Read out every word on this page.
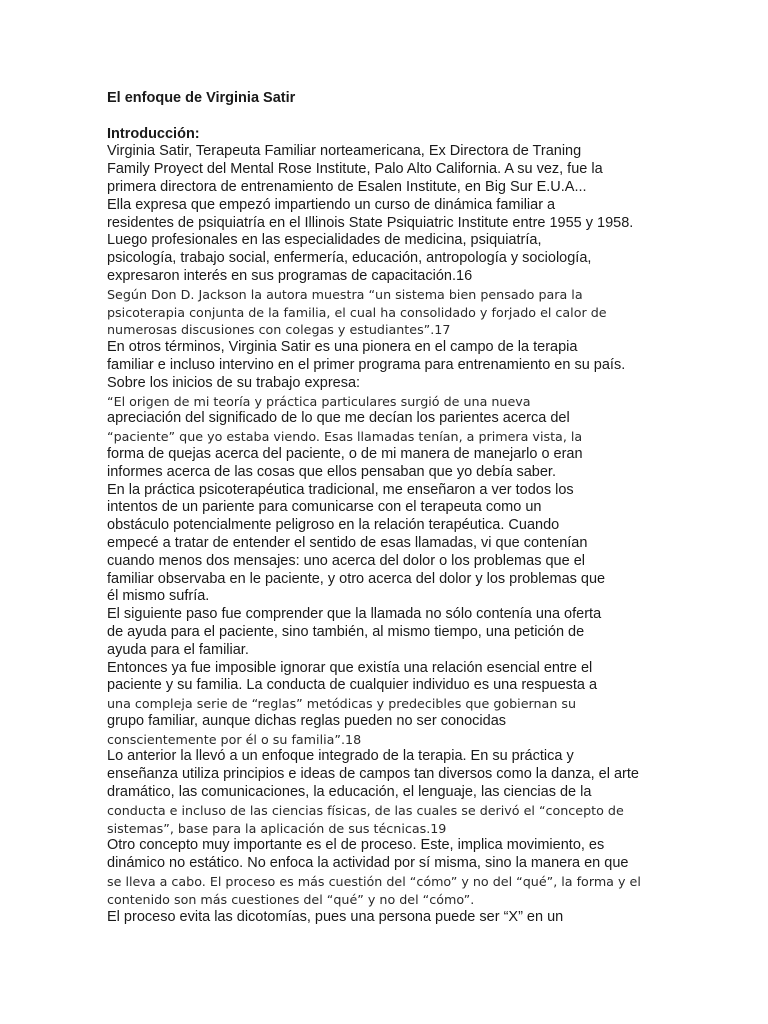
El enfoque de Virginia Satir
Introducción:
Virginia Satir, Terapeuta Familiar norteamericana, Ex Directora de Traning
Family Proyect del Mental Rose Institute, Palo Alto California. A su vez, fue la
primera directora de entrenamiento de Esalen Institute, en Big Sur E.U.A...
Ella expresa que empezó impartiendo un curso de dinámica familiar a
residentes de psiquiatría en el Illinois State Psiquiatric Institute entre 1955 y 1958.
Luego profesionales en las especialidades de medicina, psiquiatría,
psicología, trabajo social, enfermería, educación, antropología y sociología,
expresaron interés en sus programas de capacitación.16
Según Don D. Jackson la autora muestra “un sistema bien pensado para la
psicoterapia conjunta de la familia, el cual ha consolidado y forjado el calor de
numerosas discusiones con colegas y estudiantes”.17
En otros términos, Virginia Satir es una pionera en el campo de la terapia
familiar e incluso intervino en el primer programa para entrenamiento en su país.
Sobre los inicios de su trabajo expresa:
“El origen de mi teoría y práctica particulares surgió de una nueva
apreciación del significado de lo que me decían los parientes acerca del
“paciente” que yo estaba viendo. Esas llamadas tenían, a primera vista, la
forma de quejas acerca del paciente, o de mi manera de manejarlo o eran
informes acerca de las cosas que ellos pensaban que yo debía saber.
En la práctica psicoterapéutica tradicional, me enseñaron a ver todos los
intentos de un pariente para comunicarse con el terapeuta como un
obstáculo potencialmente peligroso en la relación terapéutica. Cuando
empecé a tratar de entender el sentido de esas llamadas, vi que contenían
cuando menos dos mensajes: uno acerca del dolor o los problemas que el
familiar observaba en le paciente, y otro acerca del dolor y los problemas que
él mismo sufría.
El siguiente paso fue comprender que la llamada no sólo contenía una oferta
de ayuda para el paciente, sino también, al mismo tiempo, una petición de
ayuda para el familiar.
Entonces ya fue imposible ignorar que existía una relación esencial entre el
paciente y su familia. La conducta de cualquier individuo es una respuesta a
una compleja serie de “reglas” metódicas y predecibles que gobiernan su
grupo familiar, aunque dichas reglas pueden no ser conocidas
conscientemente por él o su familia”.18
Lo anterior la llevó a un enfoque integrado de la terapia. En su práctica y
enseñanza utiliza principios e ideas de campos tan diversos como la danza, el arte
dramático, las comunicaciones, la educación, el lenguaje, las ciencias de la
conducta e incluso de las ciencias físicas, de las cuales se derivó el “concepto de
sistemas”, base para la aplicación de sus técnicas.19
Otro concepto muy importante es el de proceso. Este, implica movimiento, es
dinámico no estático. No enfoca la actividad por sí misma, sino la manera en que
se lleva a cabo. El proceso es más cuestión del “cómo” y no del “qué”, la forma y el
contenido son más cuestiones del “qué” y no del “cómo”.
El proceso evita las dicotomías, pues una persona puede ser “X” en un
